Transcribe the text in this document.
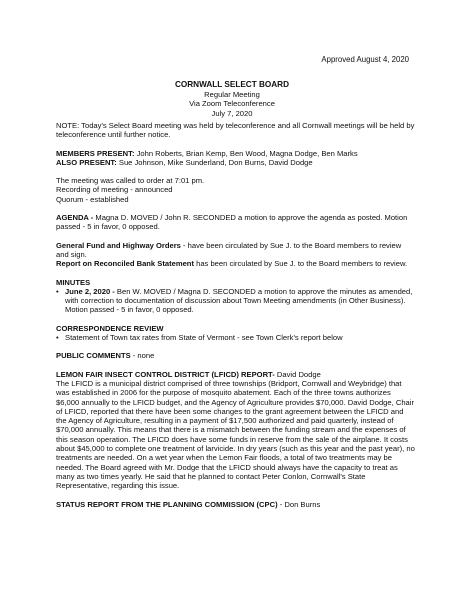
Approved August 4, 2020
CORNWALL SELECT BOARD
Regular Meeting
Via Zoom Teleconference
July 7, 2020

NOTE: Today's Select Board meeting was held by teleconference and all Cornwall meetings will be held by teleconference until further notice.

MEMBERS PRESENT: John Roberts, Brian Kemp, Ben Wood, Magna Dodge, Ben Marks

ALSO PRESENT: Sue Johnson, Mike Sunderland, Don Burns, David Dodge

The meeting was called to order at 7:01 pm.

Recording of meeting - announced

Quorum - established

AGENDA - Magna D. MOVED / John R. SECONDED a motion to approve the agenda as posted. Motion passed - 5 in favor, 0 opposed.

General Fund and Highway Orders - have been circulated by Sue J. to the Board members to review and sign.

Report on Reconciled Bank Statement has been circulated by Sue J. to the Board members to review.

MINUTES

• June 2, 2020 - Ben W. MOVED / Magna D. SECONDED a motion to approve the minutes as amended, with correction to documentation of discussion about Town Meeting amendments (in Other Business). Motion passed - 5 in favor, 0 opposed.

CORRESPONDENCE REVIEW

• Statement of Town tax rates from State of Vermont - see Town Clerk's report below

PUBLIC COMMENTS - none

LEMON FAIR INSECT CONTROL DISTRICT (LFICD) REPORT- David Dodge

The LFICD is a municipal district comprised of three townships (Bridport, Cornwall and Weybridge) that was established in 2006 for the purpose of mosquito abatement. Each of the three towns authorizes $6,000 annually to the LFICD budget, and the Agency of Agriculture provides $70,000. David Dodge, Chair of LFICD, reported that there have been some changes to the grant agreement between the LFICD and the Agency of Agriculture, resulting in a payment of $17,500 authorized and paid quarterly, instead of $70,000 annually. This means that there is a mismatch between the funding stream and the expenses of this season operation. The LFICD does have some funds in reserve from the sale of the airplane. It costs about $45,000 to complete one treatment of larvicide. In dry years (such as this year and the past year), no treatments are needed. On a wet year when the Lemon Fair floods, a total of two treatments may be needed. The Board agreed with Mr. Dodge that the LFICD should always have the capacity to treat as many as two times yearly. He said that he planned to contact Peter Conlon, Cornwall's State Representative, regarding this issue.

STATUS REPORT FROM THE PLANNING COMMISSION (CPC) - Don Burns
